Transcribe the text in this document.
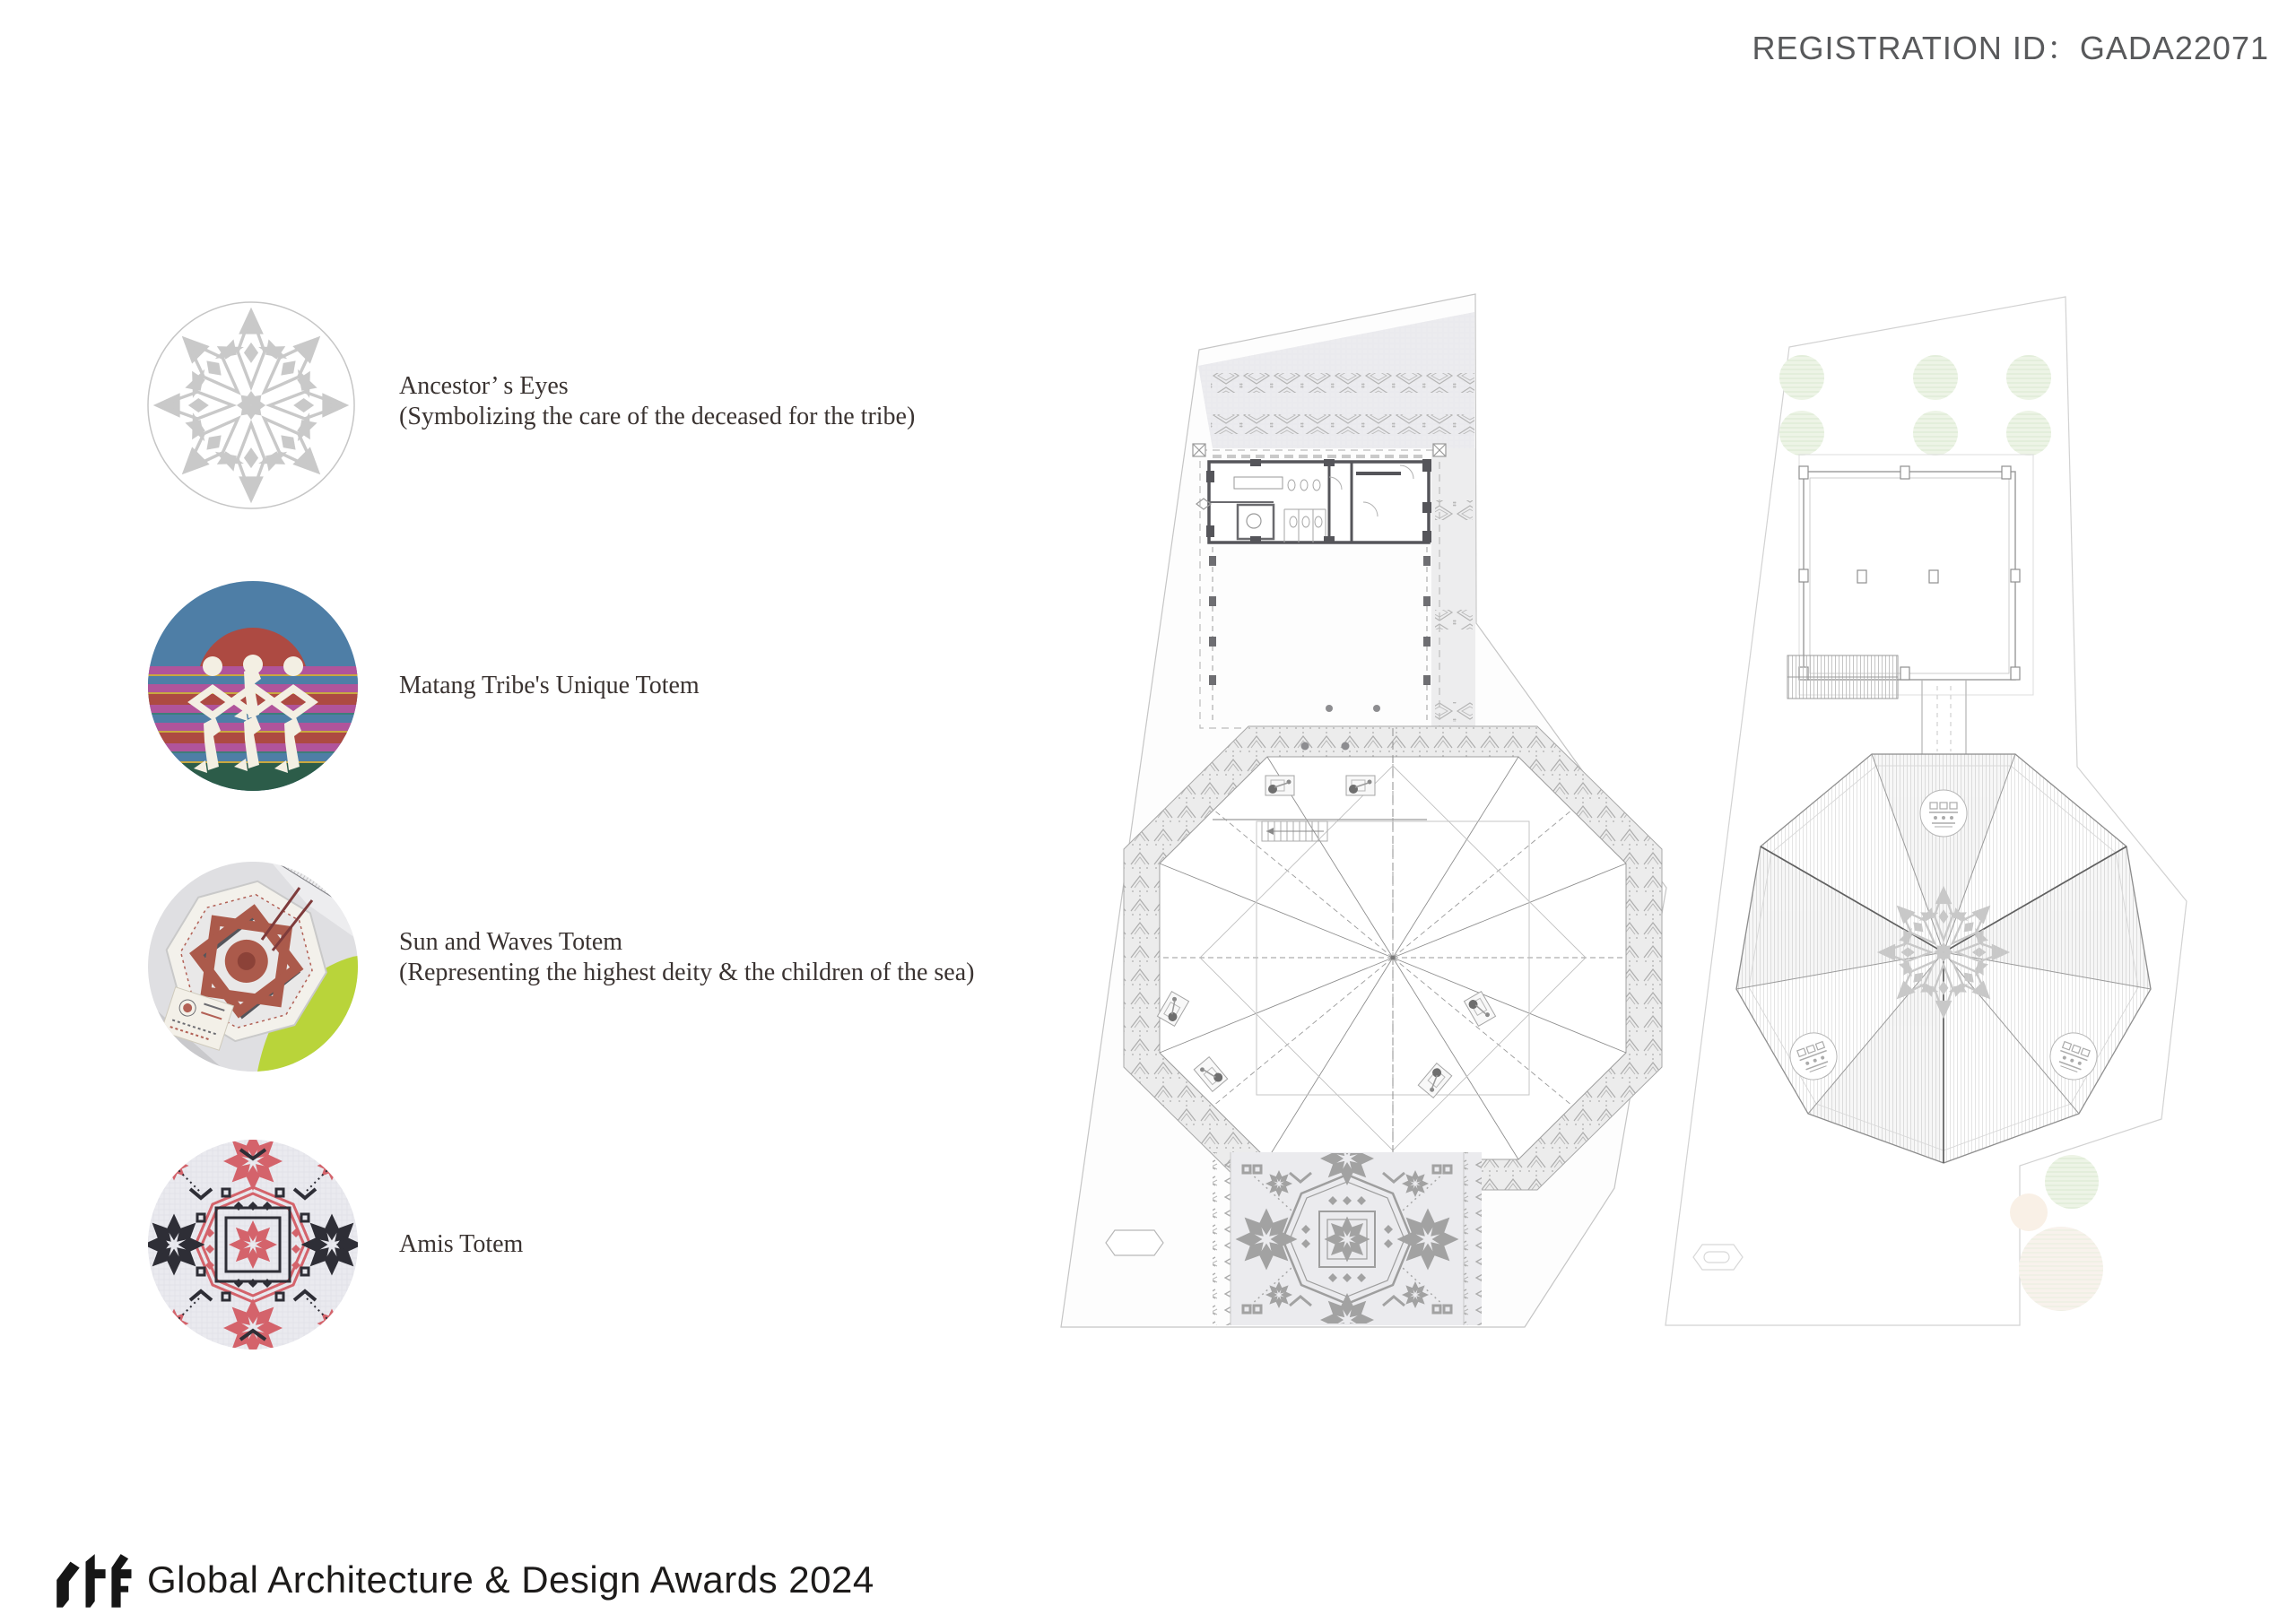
REGISTRATION ID：GADA22071
Ancestor’ s Eyes
(Symbolizing the care of the deceased for the tribe)
Matang Tribe's Unique Totem
Sun and Waves Totem
(Representing the highest deity & the children of the sea)
Amis Totem
Global Architecture & Design Awards 2024
